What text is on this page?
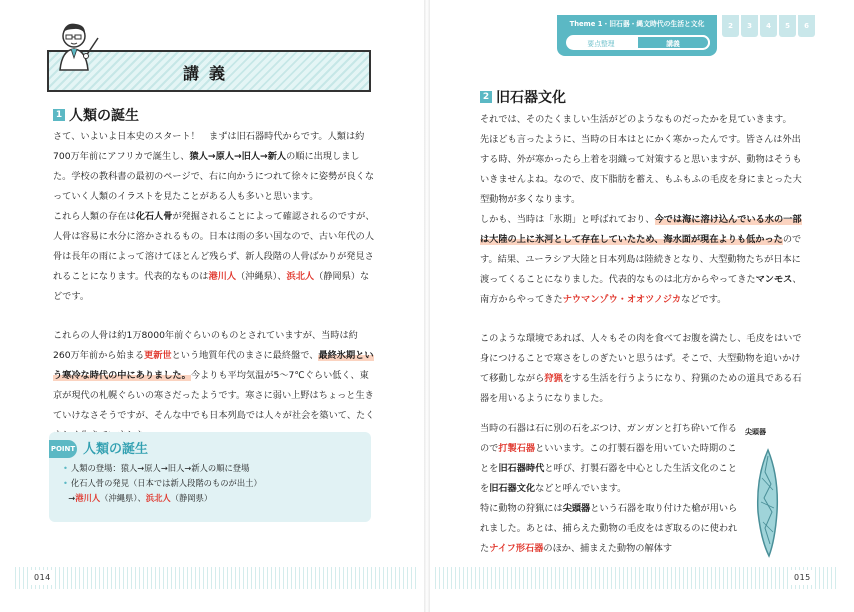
講義
1 人類の誕生

さて、いよいよ日本史のスタート！　まずは旧石器時代からです。人類は約700万年前にアフリカで誕生し、猿人→原人→旧人→新人の順に出現しました。学校の教科書の最初のページで、右に向かうにつれて徐々に姿勢が良くなっていく人類のイラストを見たことがある人も多いと思います。

これら人類の存在は化石人骨が発掘されることによって確認されるのですが、人骨は容易に水分に溶かされるもの。日本は雨の多い国なので、古い年代の人骨は長年の雨によって溶けてほとんど残らず、新人段階の人骨ばかりが発見されることになります。代表的なものは港川人（沖縄県）、浜北人（静岡県）などです。

これらの人骨は約1万8000年前ぐらいのものとされていますが、当時は約260万年前から始まる更新世という地質年代のまさに最終盤で、最終氷期という寒冷な時代の中にありました。今よりも平均気温が5～7℃ぐらい低く、東京が現代の札幌ぐらいの寒さだったようです。寒さに弱い上野はちょっと生きていけなさそうですが、そんな中でも日本列島では人々が社会を築いて、たく

POINT 人類の誕生
• 人類の登場：猿人→原人→旧人→新人の順に登場
• 化石人骨の発見（日本では新人段階のものが出土）
→港川人（沖縄県）、浜北人（静岡県）
Theme 1・旧石器・縄文時代の生活と文化
要点整理	講義
2	3	4	5	6
2 旧石器文化

それでは、そのたくましい生活がどのようなものだったかを見ていきます。

先ほども言ったように、当時の日本はとにかく寒かったんです。皆さんは外出する時、外が寒かったら上着を羽織って対策すると思いますが、動物はそうもいきませんよね。なので、皮下脂肪を蓄え、もふもふの毛皮を身にまとった大型動物が多くなります。

しかも、当時は「氷期」と呼ばれており、今では海に溶け込んでいる水の一部は大陸の上に氷河として存在していたため、海水面が現在よりも低かったのです。結果、ユーラシア大陸と日本列島は陸続きとなり、大型動物たちが日本に渡ってくることになりました。代表的なものは北方からやってきたマンモス、南方からやってきたナウマンゾウ・オオツノジカなどです。

このような環境であれば、人々もその肉を食べてお腹を満たし、毛皮をはいで身につけることで寒さをしのぎたいと思うはず。そこで、大型動物を追いかけて移動しながら狩猟をする生活を行うようになり、狩猟のための道具である石器を用いるようになりました。

当時の石器は石に別の石をぶつけ、ガンガンと打ち砕いて作るので打製石器といいます。この打製石器を用いていた時期のことを旧石器時代と呼び、打製石器を中心とした生活文化のことを旧石器文化などと呼んでいます。

特に動物の狩猟には尖頭器という石器を取り付けた槍が用いられました。あとは、捕らえた動物の毛皮をはぎ取るのに使われたナイフ形石器のほか、捕まえた動物の解体す

尖頭器
014	015
